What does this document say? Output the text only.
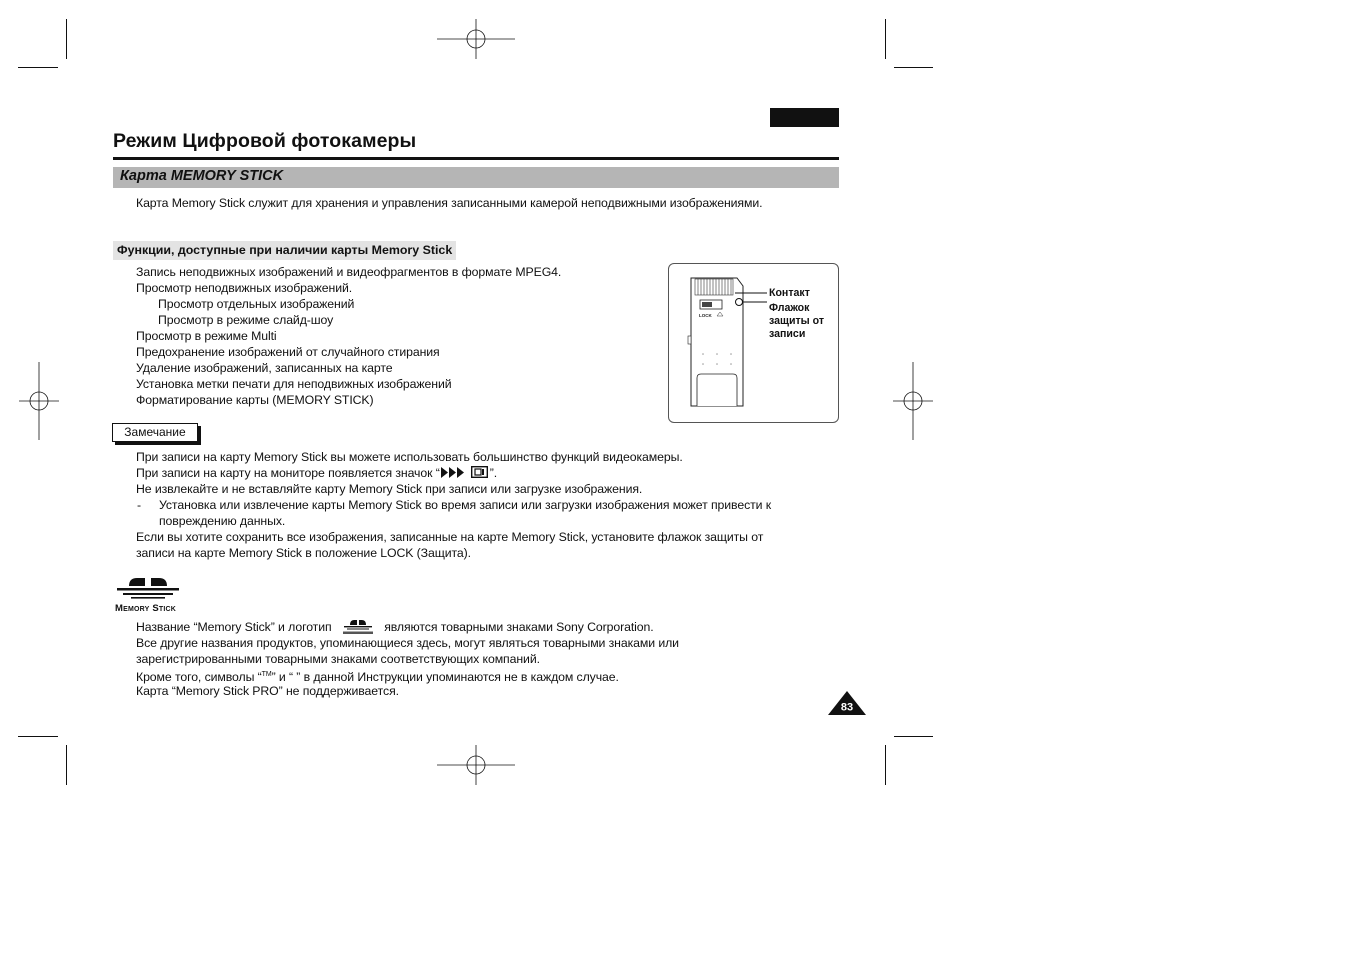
Режим Цифровой фотокамеры
Карта MEMORY STICK
Карта Memory Stick служит для хранения и управления записанными камерой неподвижными изображениями.
Функции, доступные при наличии карты Memory Stick
Запись неподвижных изображений и видеофрагментов в формате MPEG4.
Просмотр неподвижных изображений.
Просмотр отдельных изображений
Просмотр в режиме слайд-шоу
Просмотр в режиме Multi
Предохранение изображений от случайного стирания
Удаление изображений, записанных на карте
Установка метки печати для неподвижных изображений
Форматирование карты (MEMORY STICK)
LOCK
Контакт
Флажок
защиты от
записи
Замечание
При записи на карту Memory Stick вы можете использовать большинство функций видеокамеры.
При записи на карту на мониторе появляется значок “	”.
Не извлекайте и не вставляйте карту Memory Stick при записи или загрузке изображения.
- Установка или извлечение карты Memory Stick во время записи или загрузки изображения может привести к
повреждению данных.
Если вы хотите сохранить все изображения, записанные на карте Memory Stick, установите флажок защиты от
записи на карте Memory Stick в положение LOCK (Защита).
Memory Stick
Название “Memory Stick” и логотип	являются товарными знаками Sony Corporation.
Все другие названия продуктов, упоминающиеся здесь, могут являться товарными знаками или
зарегистрированными товарными знаками соответствующих компаний.
Кроме того, символы “™” и “ ” в данной Инструкции упоминаются не в каждом случае.
Карта “Memory Stick PRO” не поддерживается.
83
